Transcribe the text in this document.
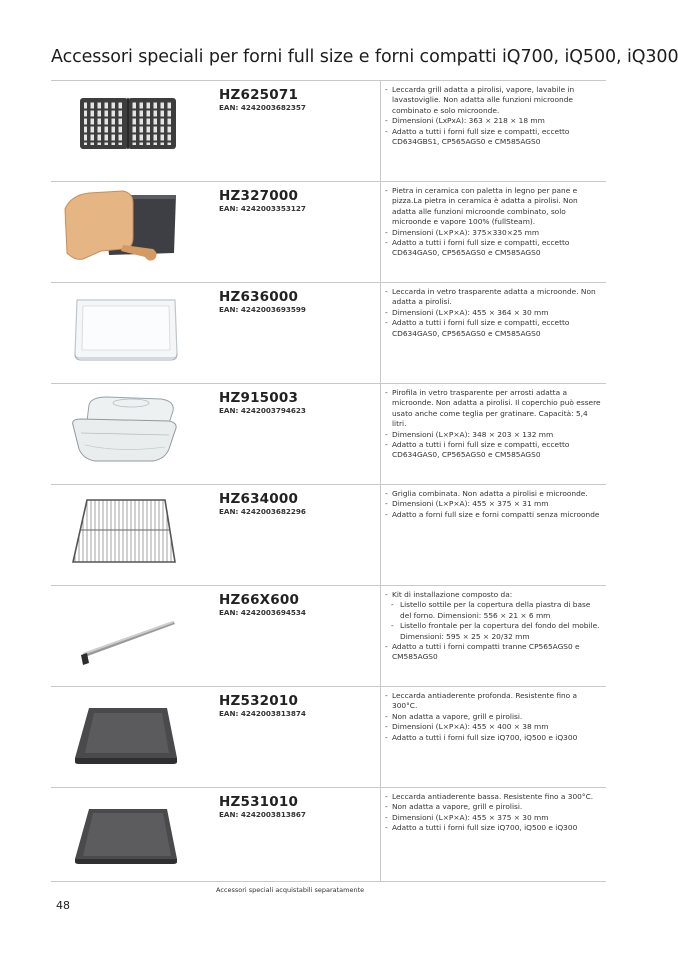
Accessori speciali per forni full size e forni compatti iQ700, iQ500, iQ300
HZ625071
EAN: 4242003682357
- Leccarda grill adatta a pirolisi, vapore, lavabile in lavastoviglie. Non adatta alle funzioni microonde combinato e solo microonde.
- Dimensioni (LxPxA): 363 × 218 × 18 mm
- Adatto a tutti i forni full size e compatti, eccetto CD634GBS1, CP565AGS0 e CM585AGS0
HZ327000
EAN: 4242003353127
- Pietra in ceramica con paletta in legno per pane e pizza.La pietra in ceramica è adatta a pirolisi. Non adatta alle funzioni microonde combinato, solo microonde e vapore 100% (fullSteam).
- Dimensioni (L×P×A): 375×330×25 mm
- Adatto a tutti i forni full size e compatti, eccetto CD634GAS0, CP565AGS0 e CM585AGS0
HZ636000
EAN: 4242003693599
- Leccarda in vetro trasparente adatta a microonde. Non adatta a pirolisi.
- Dimensioni (L×P×A): 455 × 364 × 30 mm
- Adatto a tutti i forni full size e compatti, eccetto CD634GAS0, CP565AGS0 e CM585AGS0
HZ915003
EAN: 4242003794623
- Pirofila in vetro trasparente per arrosti adatta a microonde. Non adatta a pirolisi. Il coperchio può essere usato anche come teglia per gratinare. Capacità: 5,4 litri.
- Dimensioni (L×P×A): 348 × 203 × 132 mm
- Adatto a tutti i forni full size e compatti, eccetto CD634GAS0, CP565AGS0 e CM585AGS0
HZ634000
EAN: 4242003682296
- Griglia combinata. Non adatta a pirolisi e microonde.
- Dimensioni (L×P×A): 455 × 375 × 31 mm
- Adatto a forni full size e forni compatti senza microonde
HZ66X600
EAN: 4242003694534
- Kit di installazione composto da:
- Listello sottile per la copertura della piastra di base del forno. Dimensioni: 556 × 21 × 6 mm
- Listello frontale per la copertura del fondo del mobile. Dimensioni: 595 × 25 × 20/32 mm
- Adatto a tutti i forni compatti tranne CP565AGS0 e CM585AGS0
HZ532010
EAN: 4242003813874
- Leccarda antiaderente profonda. Resistente fino a 300°C.
- Non adatta a vapore, grill e pirolisi.
- Dimensioni (L×P×A): 455 × 400 × 38 mm
- Adatto a tutti i forni full size iQ700, iQ500 e iQ300
HZ531010
EAN: 4242003813867
- Leccarda antiaderente bassa. Resistente fino a 300°C.
- Non adatta a vapore, grill e pirolisi.
- Dimensioni (L×P×A): 455 × 375 × 30 mm
- Adatto a tutti i forni full size iQ700, iQ500 e iQ300
Accessori speciali acquistabili separatamente
48
